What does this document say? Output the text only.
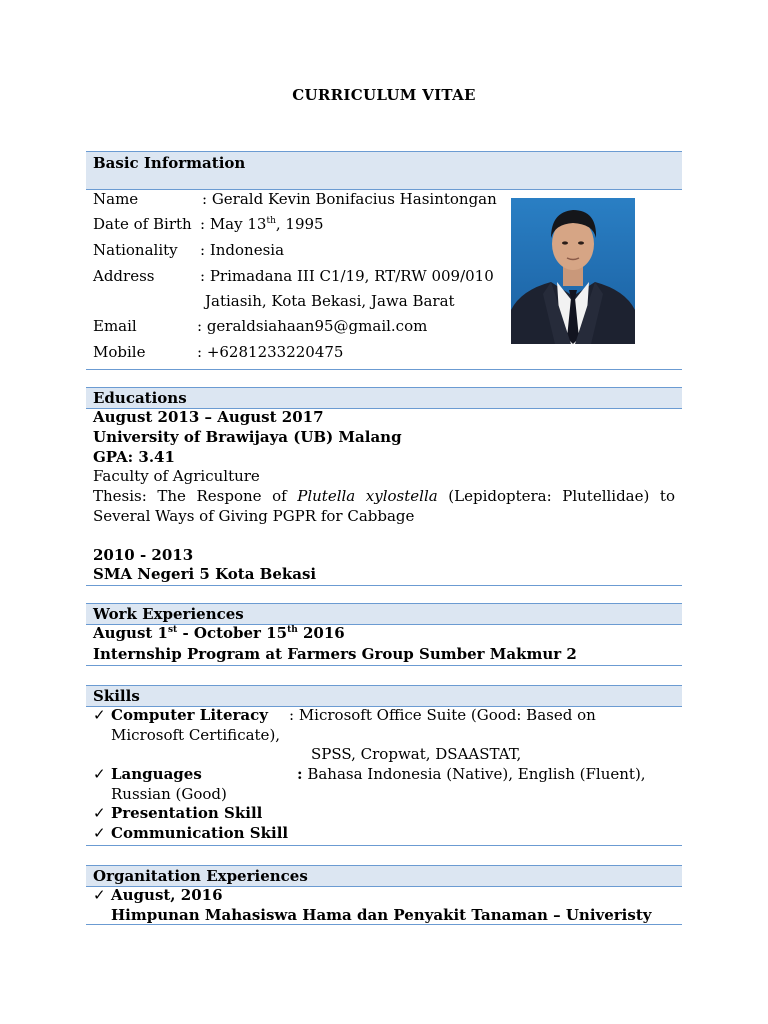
CURRICULUM VITAE
Basic Information
Name	: Gerald Kevin Bonifacius Hasintongan
Date of Birth : May 13th, 1995
Nationality : Indonesia
Address	: Primadana III C1/19, RT/RW 009/010
Jatiasih, Kota Bekasi, Jawa Barat
Email	: geraldsiahaan95@gmail.com
Mobile	: +6281233220475
Educations
August 2013 – August 2017
University of Brawijaya (UB) Malang
GPA: 3.41
Faculty of Agriculture
Thesis: The Respone of Plutella xylostella (Lepidoptera: Plutellidae) to
Several Ways of Giving PGPR for Cabbage
2010 - 2013
SMA Negeri 5 Kota Bekasi
Work Experiences
August 1st - October 15th 2016
Internship Program at Farmers Group Sumber Makmur 2
Skills
✓ Computer Literacy : Microsoft Office Suite (Good: Based on
Microsoft Certificate),
SPSS, Cropwat, DSAASTAT,
✓ Languages	: Bahasa Indonesia (Native), English (Fluent),
Russian (Good)
✓ Presentation Skill
✓ Communication Skill
Organitation Experiences
✓ August, 2016
Himpunan Mahasiswa Hama dan Penyakit Tanaman – Univeristy
